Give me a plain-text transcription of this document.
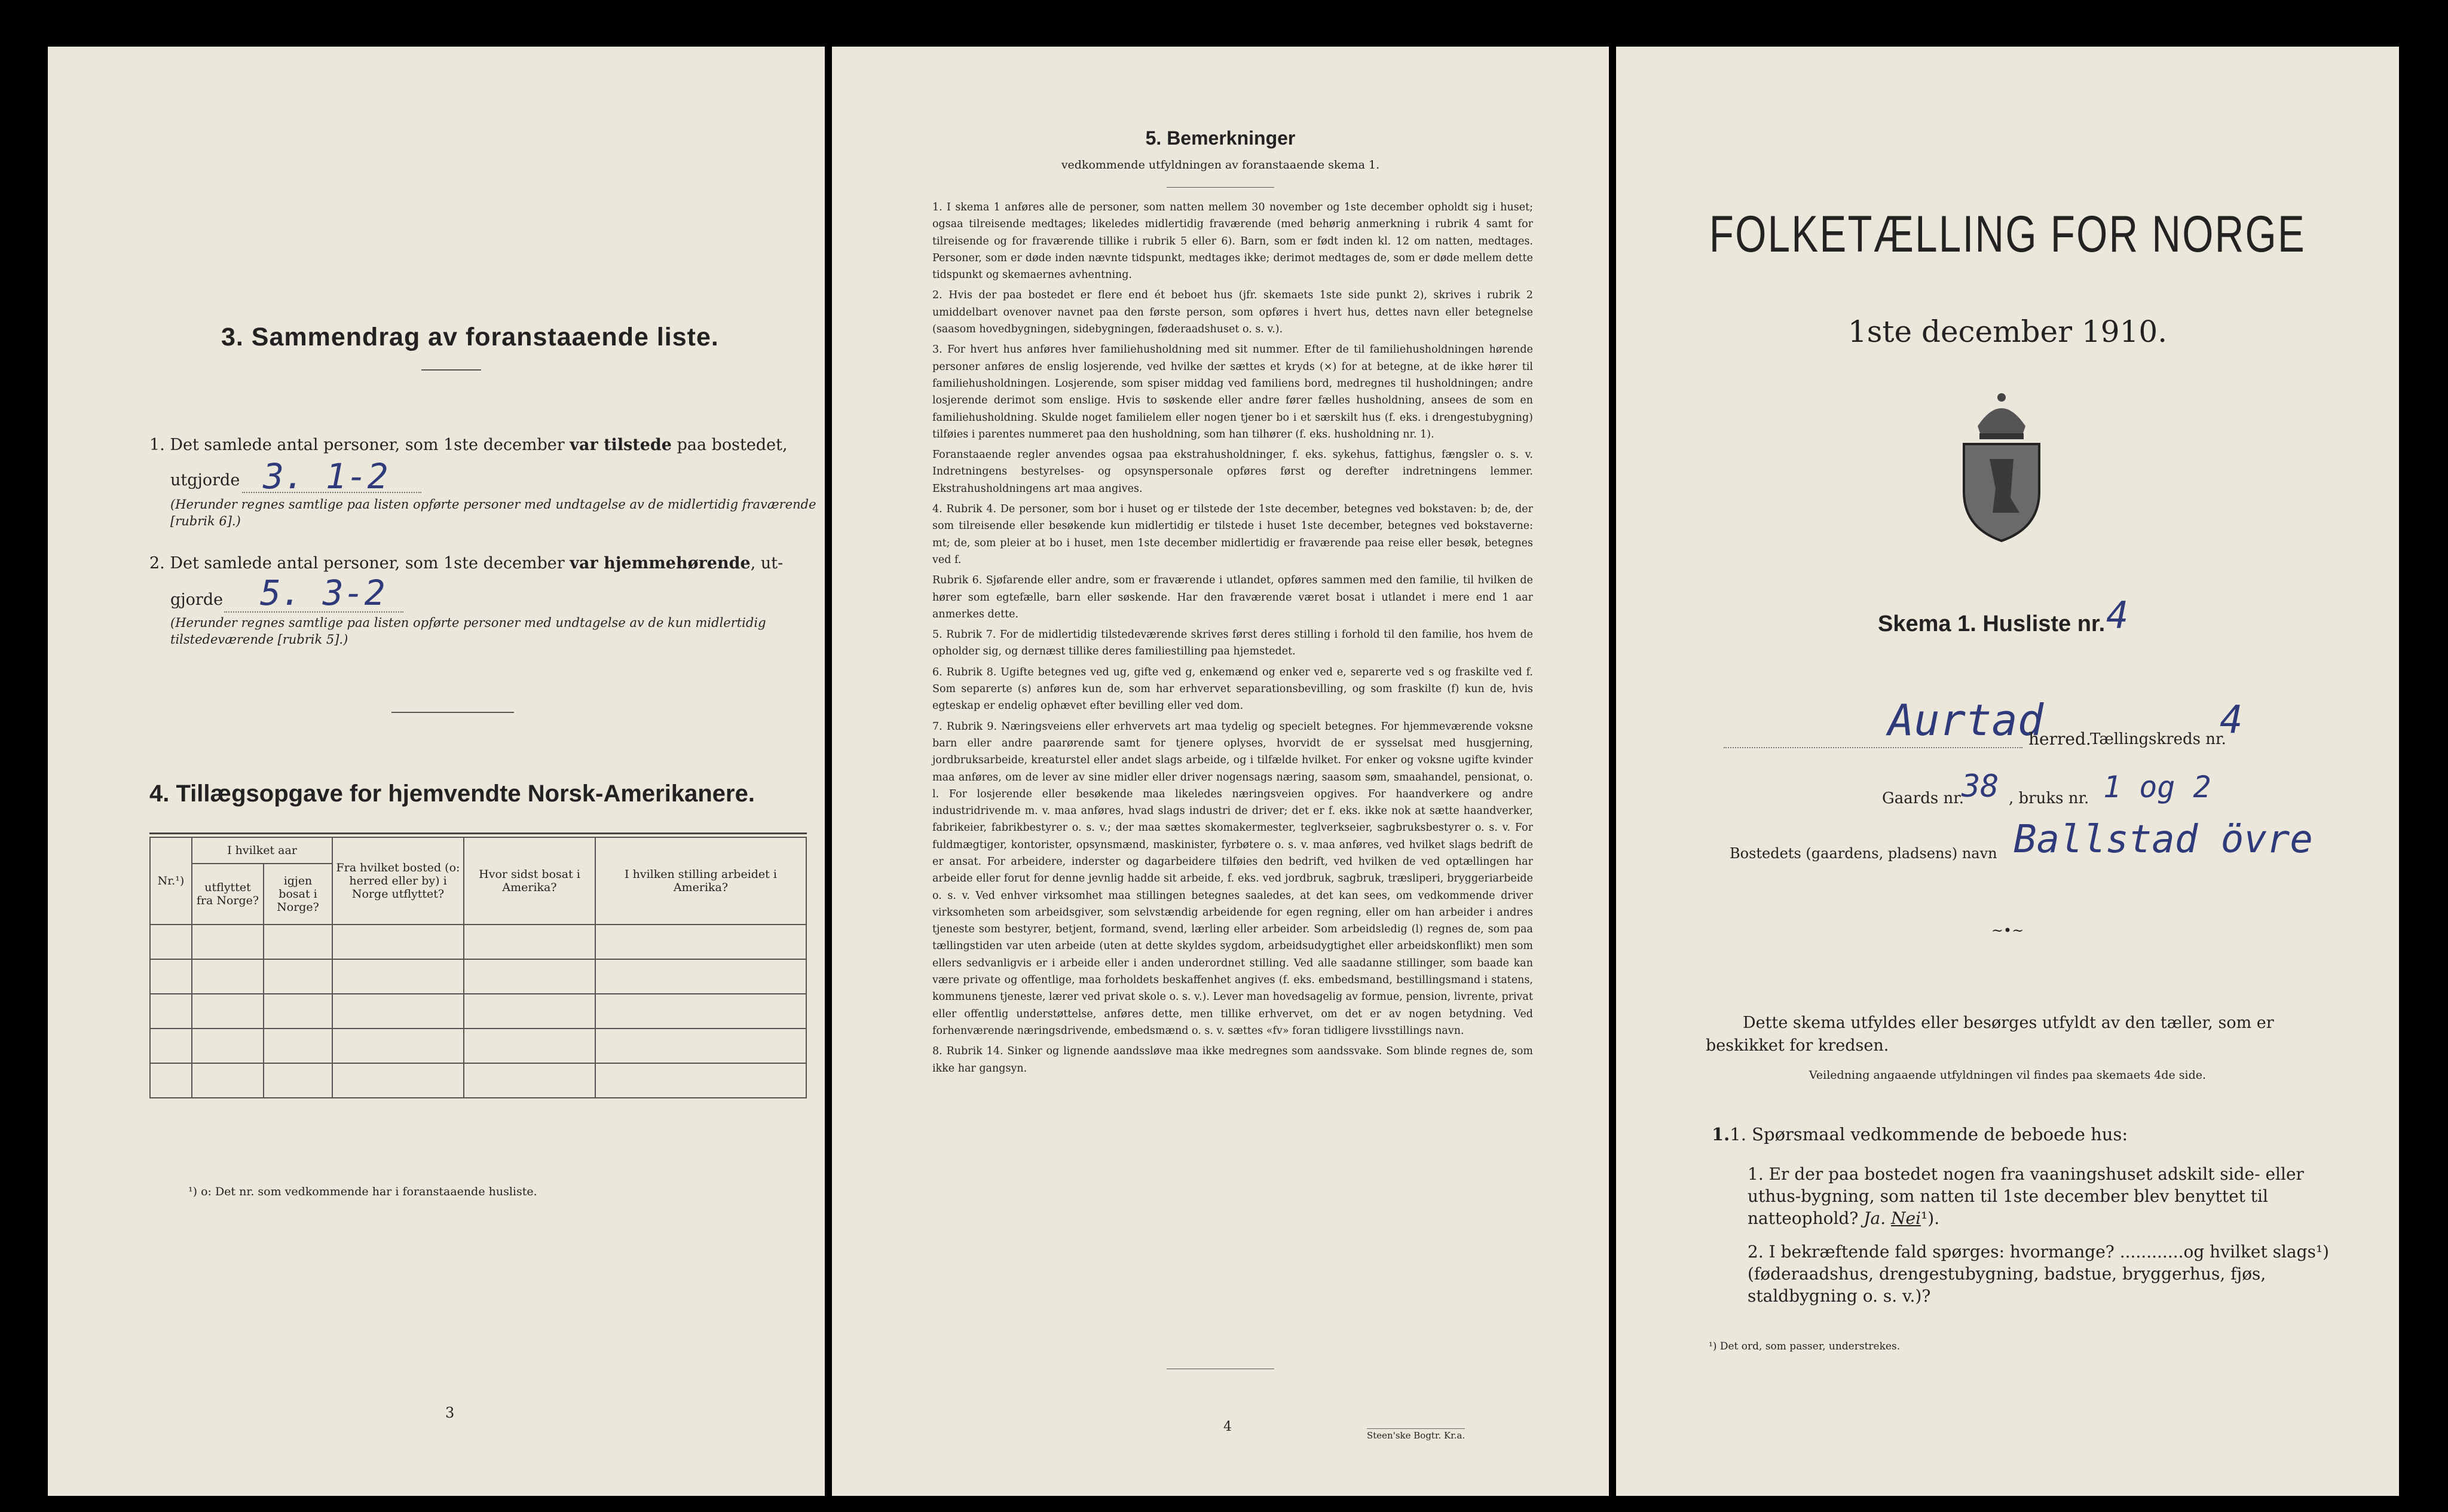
3. Sammendrag av foranstaaende liste.
1. Det samlede antal personer, som 1ste december var tilstede paa bostedet,
utgjorde 3. 1-2
(Herunder regnes samtlige paa listen opførte personer med undtagelse av de midlertidig fraværende [rubrik 6].)
2. Det samlede antal personer, som 1ste december var hjemmehørende, ut-
gjorde 5. 3-2
(Herunder regnes samtlige paa listen opførte personer med undtagelse av de kun midlertidig tilstedeværende [rubrik 5].)
4. Tillægsopgave for hjemvendte Norsk-Amerikanere.
Nr.¹)	I hvilket aar		Fra hvilket bosted (o: herred eller by) i Norge utflyttet?	Hvor sidst bosat i Amerika?	I hvilken stilling arbeidet i Amerika?
	utflyttet fra Norge?	igjen bosat i Norge?			

¹) o: Det nr. som vedkommende har i foranstaaende husliste.
3
5. Bemerkninger
vedkommende utfyldningen av foranstaaende skema 1.

1. I skema 1 anføres alle de personer, som natten mellem 30 november og 1ste december opholdt sig i huset; ogsaa tilreisende medtages; likeledes midlertidig fraværende (med behørig anmerkning i rubrik 4 samt for tilreisende og for fraværende tillike i rubrik 5 eller 6). Barn, som er født inden kl. 12 om natten, medtages. Personer, som er døde inden nævnte tidspunkt, medtages ikke; derimot medtages de, som er døde mellem dette tidspunkt og skemaernes avhentning.

2. Hvis der paa bostedet er flere end ét beboet hus (jfr. skemaets 1ste side punkt 2), skrives i rubrik 2 umiddelbart ovenover navnet paa den første person, som opføres i hvert hus, dettes navn eller betegnelse (saasom hovedbygningen, sidebygningen, føderaadshuset o. s. v.).

3. For hvert hus anføres hver familiehusholdning med sit nummer. Efter de til familiehusholdningen hørende personer anføres de enslig losjerende, ved hvilke der sættes et kryds (×) for at betegne, at de ikke hører til familiehusholdningen. Losjerende, som spiser middag ved familiens bord, medregnes til husholdningen; andre losjerende derimot som enslige. Hvis to søskende eller andre fører fælles husholdning, ansees de som en familiehusholdning. Skulde noget familielem eller nogen tjener bo i et særskilt hus (f. eks. i drengestubygning) tilføies i parentes nummeret paa den husholdning, som han tilhører (f. eks. husholdning nr. 1).

Foranstaaende regler anvendes ogsaa paa ekstrahusholdninger, f. eks. sykehus, fattighus, fængsler o. s. v. Indretningens bestyrelses- og opsynspersonale opføres først og derefter indretningens lemmer. Ekstrahusholdningens art maa angives.

4. Rubrik 4. De personer, som bor i huset og er tilstede der 1ste december, betegnes ved bokstaven: b; de, der som tilreisende eller besøkende kun midlertidig er tilstede i huset 1ste december, betegnes ved bokstaverne: mt; de, som pleier at bo i huset, men 1ste december midlertidig er fraværende paa reise eller besøk, betegnes ved f.

Rubrik 6. Sjøfarende eller andre, som er fraværende i utlandet, opføres sammen med den familie, til hvilken de hører som egtefælle, barn eller søskende. Har den fraværende været bosat i utlandet i mere end 1 aar anmerkes dette.

5. Rubrik 7. For de midlertidig tilstedeværende skrives først deres stilling i forhold til den familie, hos hvem de opholder sig, og dernæst tillike deres familiestilling paa hjemstedet.

6. Rubrik 8. Ugifte betegnes ved ug, gifte ved g, enkemænd og enker ved e, separerte ved s og fraskilte ved f. Som separerte (s) anføres kun de, som har erhvervet separationsbevilling, og som fraskilte (f) kun de, hvis egteskap er endelig ophævet efter bevilling eller ved dom.

7. Rubrik 9. Næringsveiens eller erhvervets art maa tydelig og specielt betegnes. For hjemmeværende voksne barn eller andre paarørende samt for tjenere oplyses, hvorvidt de er sysselsat med husgjerning, jordbruksarbeide, kreaturstel eller andet slags arbeide, og i tilfælde hvilket. For enker og voksne ugifte kvinder maa anføres, om de lever av sine midler eller driver nogensags næring, saasom søm, smaahandel, pensionat, o. l. For losjerende eller besøkende maa likeledes næringsveien opgives. For haandverkere og andre industridrivende m. v. maa anføres, hvad slags industri de driver; det er f. eks. ikke nok at sætte haandverker, fabrikeier, fabrikbestyrer o. s. v.; der maa sættes skomakermester, teglverkseier, sagbruksbestyrer o. s. v. For fuldmægtiger, kontorister, opsynsmænd, maskinister, fyrbøtere o. s. v. maa anføres, ved hvilket slags bedrift de er ansat. For arbeidere, inderster og dagarbeidere tilføies den bedrift, ved hvilken de ved optællingen har arbeide eller forut for denne jevnlig hadde sit arbeide, f. eks. ved jordbruk, sagbruk, træsliperi, bryggeriarbeide o. s. v. Ved enhver virksomhet maa stillingen betegnes saaledes, at det kan sees, om vedkommende driver virksomheten som arbeidsgiver, som selvstændig arbeidende for egen regning, eller om han arbeider i andres tjeneste som bestyrer, betjent, formand, svend, lærling eller arbeider. Som arbeidsledig (l) regnes de, som paa tællingstiden var uten arbeide (uten at dette skyldes sygdom, arbeidsudygtighet eller arbeidskonflikt) men som ellers sedvanligvis er i arbeide eller i anden underordnet stilling. Ved alle saadanne stillinger, som baade kan være private og offentlige, maa forholdets beskaffenhet angives (f. eks. embedsmand, bestillingsmand i statens, kommunens tjeneste, lærer ved privat skole o. s. v.). Lever man hovedsagelig av formue, pension, livrente, privat eller offentlig understøttelse, anføres dette, men tillike erhvervet, om det er av nogen betydning. Ved forhenværende næringsdrivende, embedsmænd o. s. v. sættes «fv» foran tidligere livsstillings navn.

8. Rubrik 14. Sinker og lignende aandssløve maa ikke medregnes som aandssvake. Som blinde regnes de, som ikke har gangsyn.

4
Steen'ske Bogtr. Kr.a.
FOLKETÆLLING FOR NORGE
1ste december 1910.
Skema 1. Husliste nr. 4
Aurtad
herred.
Tællingskreds nr.
4
Gaards nr.
38 , bruks nr. 1 og 2
Bostedets (gaardens, pladsens) navn Ballstad övre
~•~
Dette skema utfyldes eller besørges utfyldt av den tæller, som er beskikket for kredsen.
Veiledning angaaende utfyldningen vil findes paa skemaets 4de side.
1.1. Spørsmaal vedkommende de beboede hus:
1. Er der paa bostedet nogen fra vaaningshuset adskilt side- eller uthus-bygning, som natten til 1ste december blev benyttet til natteophold? Ja. Nei¹).
2. I bekræftende fald spørges: hvormange? ............og hvilket slags¹) (føderaadshus, drengestubygning, badstue, bryggerhus, fjøs, staldbygning o. s. v.)?
¹) Det ord, som passer, understrekes.
